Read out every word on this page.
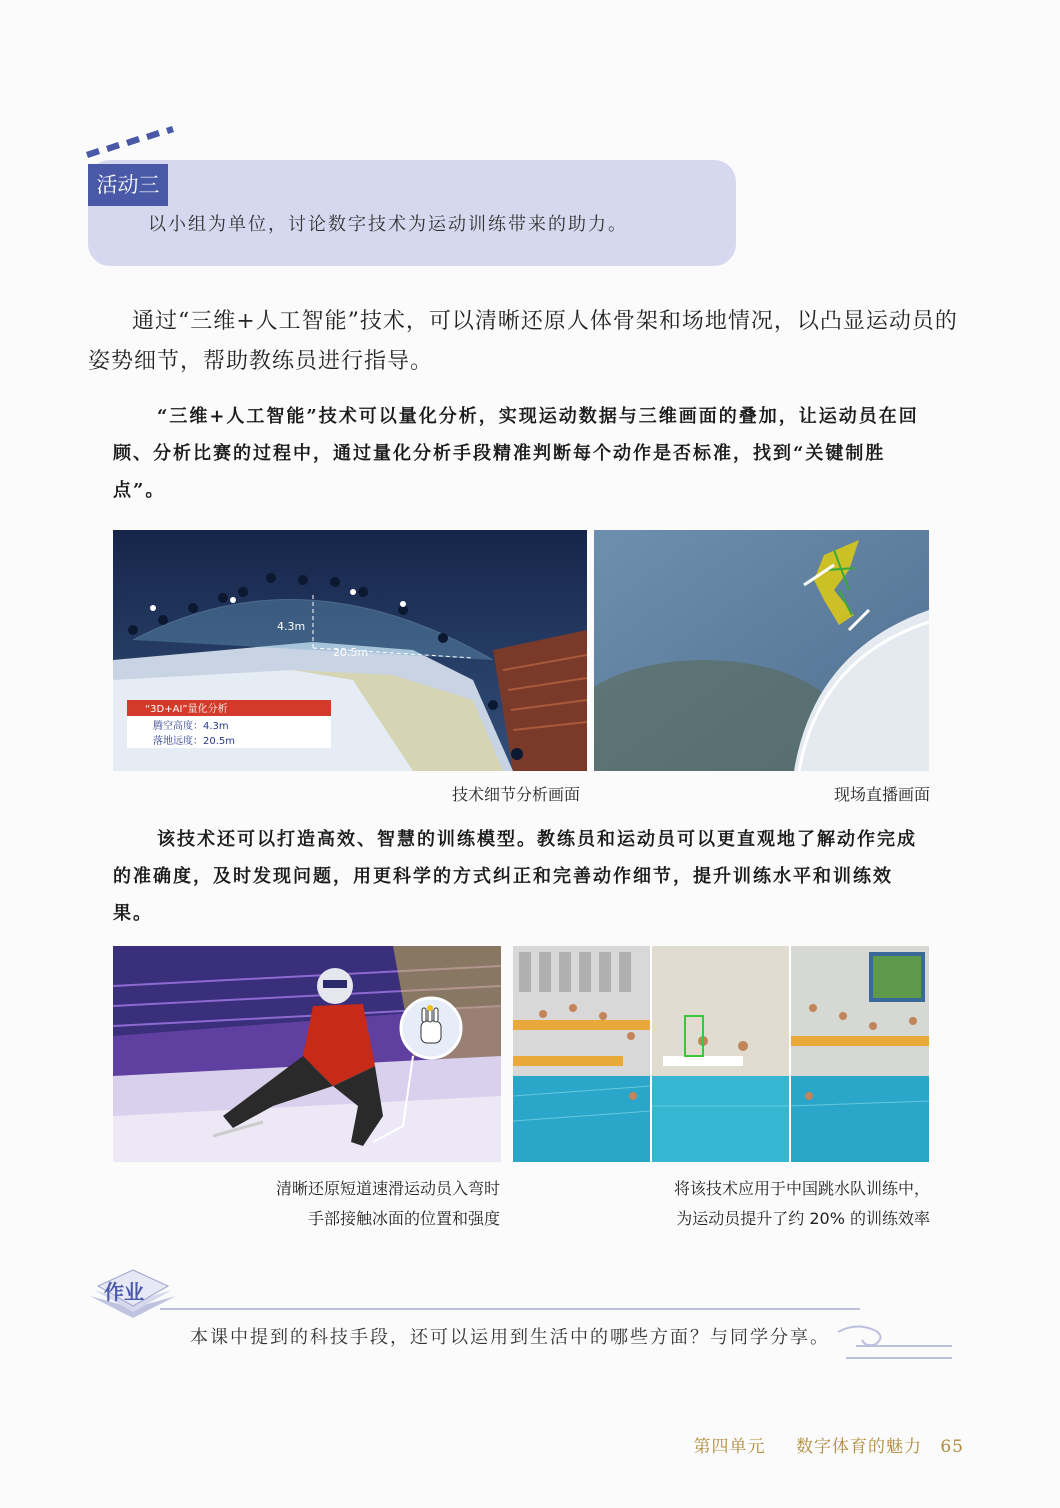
活动三
以小组为单位，讨论数字技术为运动训练带来的助力。
通过“三维+人工智能”技术，可以清晰还原人体骨架和场地情况，以凸显运动员的姿势细节，帮助教练员进行指导。
“三维+人工智能”技术可以量化分析，实现运动数据与三维画面的叠加，让运动员在回顾、分析比赛的过程中，通过量化分析手段精准判断每个动作是否标准，找到“关键制胜点”。
4.3m
20.5m
“3D+AI”量化分析
腾空高度：4.3m
落地远度：20.5m
技术细节分析画面	现场直播画面
该技术还可以打造高效、智慧的训练模型。教练员和运动员可以更直观地了解动作完成的准确度，及时发现问题，用更科学的方式纠正和完善动作细节，提升训练水平和训练效果。
清晰还原短道速滑运动员入弯时
手部接触冰面的位置和强度
将该技术应用于中国跳水队训练中，
为运动员提升了约 20% 的训练效率
作业
本课中提到的科技手段，还可以运用到生活中的哪些方面？与同学分享。
第四单元 数字体育的魅力 65
